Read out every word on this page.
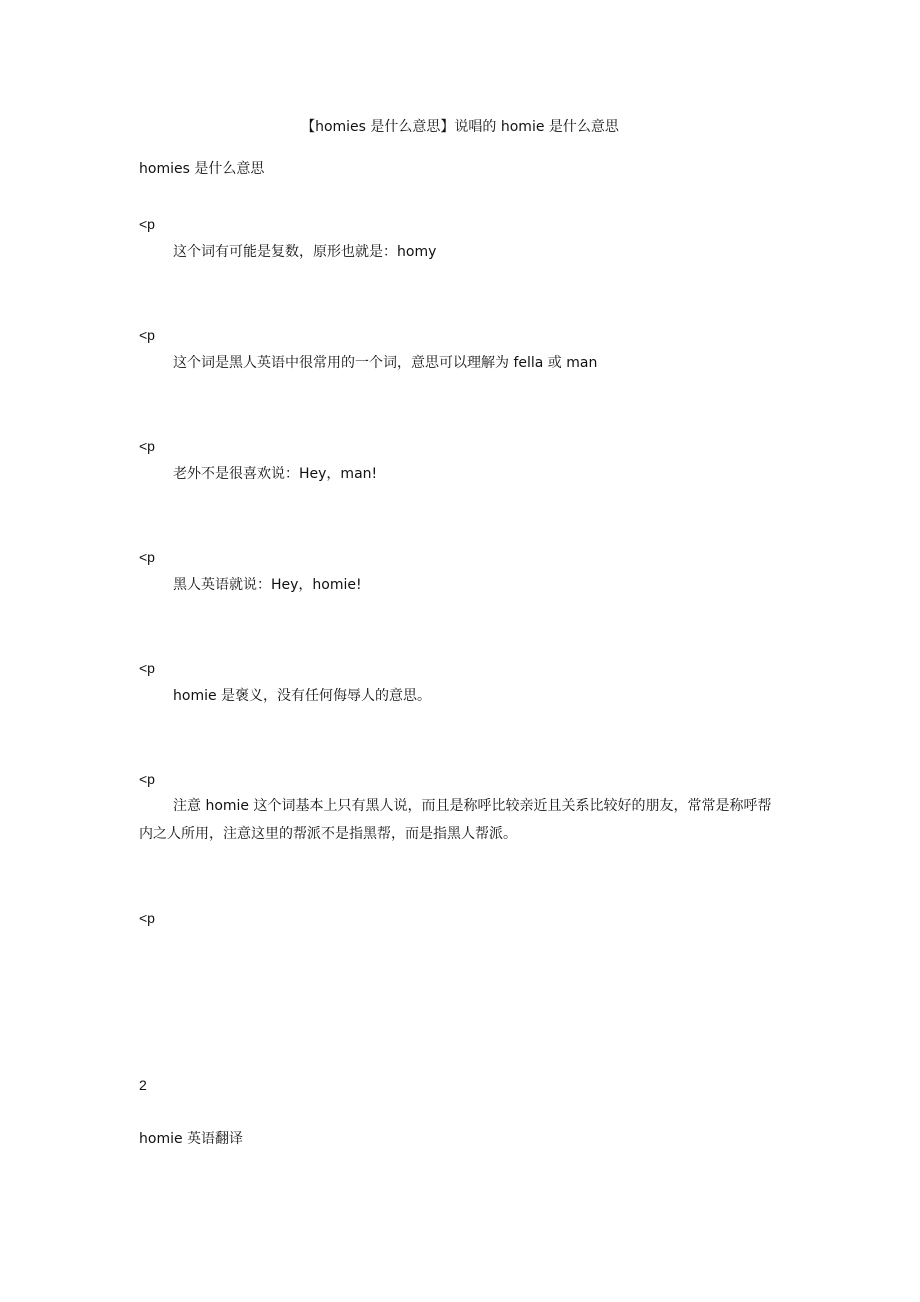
【homies 是什么意思】说唱的 homie 是什么意思
homies 是什么意思
<p
这个词有可能是复数，原形也就是：homy
<p
这个词是黑人英语中很常用的一个词，意思可以理解为 fella 或 man
<p
老外不是很喜欢说：Hey，man!
<p
黑人英语就说：Hey，homie!
<p
homie 是褒义，没有任何侮辱人的意思。
<p
注意 homie 这个词基本上只有黑人说，而且是称呼比较亲近且关系比较好的朋友，常常是称呼帮内之人所用，注意这里的帮派不是指黑帮，而是指黑人帮派。
<p
2
homie 英语翻译
